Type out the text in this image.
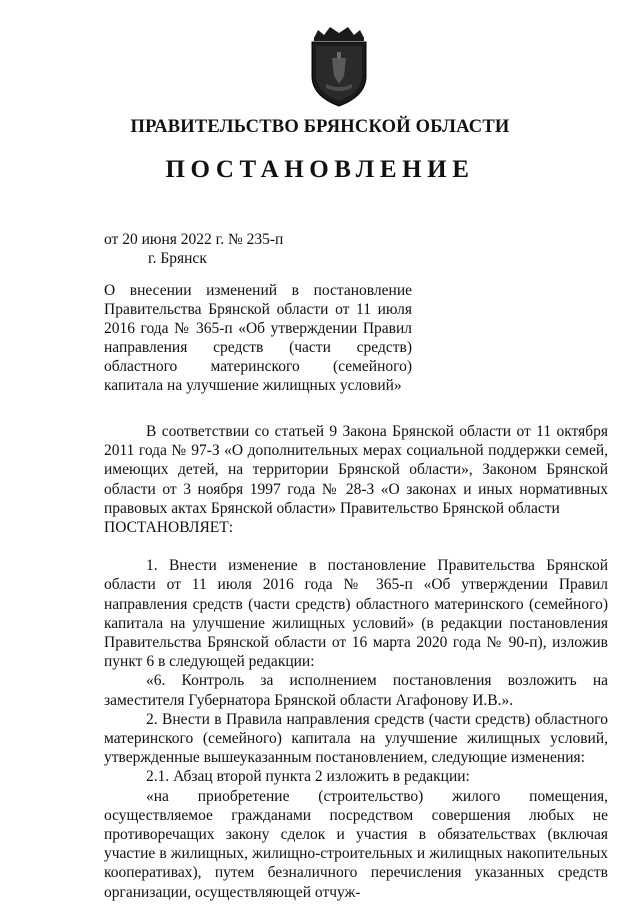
ПРАВИТЕЛЬСТВО БРЯНСКОЙ ОБЛАСТИ
ПОСТАНОВЛЕНИЕ
от 20 июня 2022 г. № 235-п
г. Брянск
О внесении изменений в постановление Правительства Брянской области от 11 июля 2016 года № 365-п «Об утверждении Правил направления средств (части средств) областного материнского (семейного) капитала на улучшение жилищных условий»

В соответствии со статьей 9 Закона Брянской области от 11 октября 2011 года № 97-З «О дополнительных мерах социальной поддержки семей, имеющих детей, на территории Брянской области», Законом Брянской области от 3 ноября 1997 года № 28-З «О законах и иных нормативных правовых актах Брянской области» Правительство Брянской области

ПОСТАНОВЛЯЕТ:

1. Внести изменение в постановление Правительства Брянской области от 11 июля 2016 года № 365-п «Об утверждении Правил направления средств (части средств) областного материнского (семейного) капитала на улучшение жилищных условий» (в редакции постановления Правительства Брянской области от 16 марта 2020 года № 90-п), изложив пункт 6 в следующей редакции:

«6. Контроль за исполнением постановления возложить на заместителя Губернатора Брянской области Агафонову И.В.».

2. Внести в Правила направления средств (части средств) областного материнского (семейного) капитала на улучшение жилищных условий, утвержденные вышеуказанным постановлением, следующие изменения:

2.1. Абзац второй пункта 2 изложить в редакции:

«на приобретение (строительство) жилого помещения, осуществляемое гражданами посредством совершения любых не противоречащих закону сделок и участия в обязательствах (включая участие в жилищных, жилищно-строительных и жилищных накопительных кооперативах), путем безналичного перечисления указанных средств организации, осуществляющей отчуж-
